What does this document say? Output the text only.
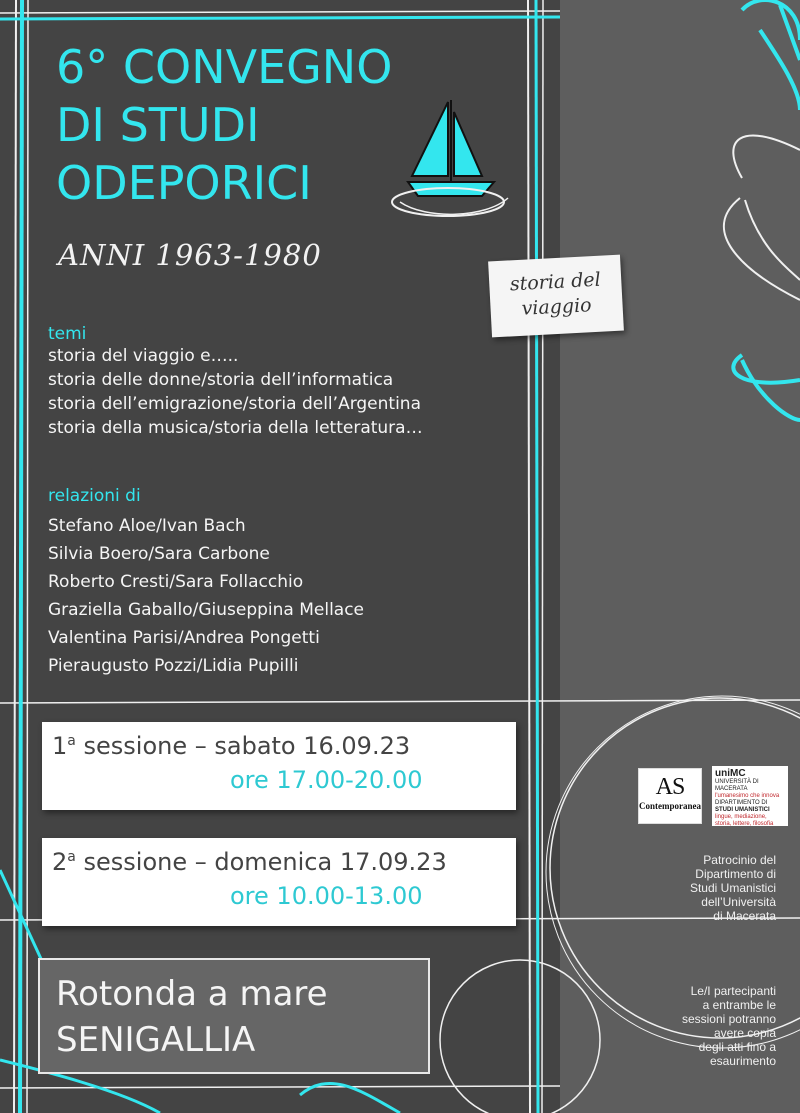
6° CONVEGNO
DI STUDI
ODEPORICI
ANNI 1963-1980
storia del
viaggio
temi
storia del viaggio e…..
storia delle donne/storia dell’informatica
storia dell’emigrazione/storia dell’Argentina
storia della musica/storia della letteratura…
relazioni di
Stefano Aloe/Ivan Bach
Silvia Boero/Sara Carbone
Roberto Cresti/Sara Follacchio
Graziella Gaballo/Giuseppina Mellace
Valentina Parisi/Andrea Pongetti
Pieraugusto Pozzi/Lidia Pupilli
1$^a$ sessione – sabato 16.09.23
ore 17.00-20.00
2$^a$ sessione – domenica 17.09.23
ore 10.00-13.00
Rotonda a mare
SENIGALLIA
AS
Contemporanea
uniMC
UNIVERSITÀ DI MACERATA
l'umanesimo che innova
DIPARTIMENTO DI
STUDI UMANISTICI
lingue, mediazione,
storia, lettere, filosofia

Patrocinio del
Dipartimento di
Studi Umanistici
dell’Università
di Macerata

Le/I partecipanti
a entrambe le
sessioni potranno
avere copia
degli atti fino a
esaurimento
